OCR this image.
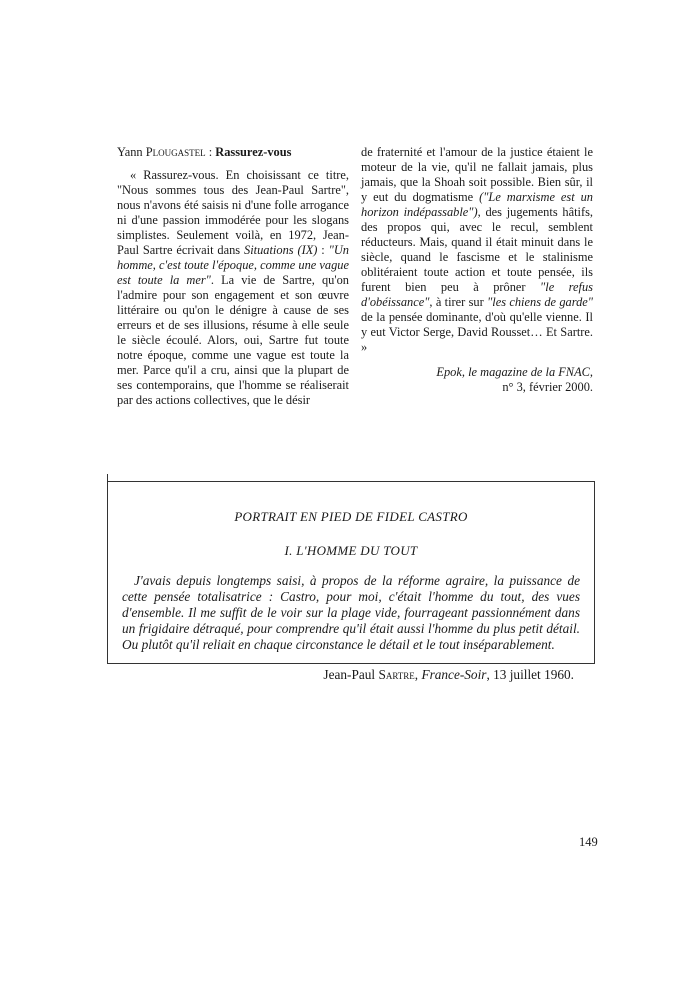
Yann Plougastel : Rassurez-vous

« Rassurez-vous. En choisissant ce titre, "Nous sommes tous des Jean-Paul Sartre", nous n'avons été saisis ni d'une folle arrogance ni d'une passion immodérée pour les slogans simplistes. Seulement voilà, en 1972, Jean-Paul Sartre écrivait dans Situations (IX) : "Un homme, c'est toute l'époque, comme une vague est toute la mer". La vie de Sartre, qu'on l'admire pour son engagement et son œuvre littéraire ou qu'on le dénigre à cause de ses erreurs et de ses illusions, résume à elle seule le siècle écoulé. Alors, oui, Sartre fut toute notre époque, comme une vague est toute la mer. Parce qu'il a cru, ainsi que la plupart de ses contemporains, que l'homme se réaliserait par des actions collectives, que le désir

de fraternité et l'amour de la justice étaient le moteur de la vie, qu'il ne fallait jamais, plus jamais, que la Shoah soit possible. Bien sûr, il y eut du dogmatisme ("Le marxisme est un horizon indépassable"), des jugements hâtifs, des propos qui, avec le recul, semblent réducteurs. Mais, quand il était minuit dans le siècle, quand le fascisme et le stalinisme oblitéraient toute action et toute pensée, ils furent bien peu à prôner "le refus d'obéissance", à tirer sur "les chiens de garde" de la pensée dominante, d'où qu'elle vienne. Il y eut Victor Serge, David Rousset… Et Sartre. »

Epok, le magazine de la FNAC,
n° 3, février 2000.

PORTRAIT EN PIED DE FIDEL CASTRO

I. L'HOMME DU TOUT

J'avais depuis longtemps saisi, à propos de la réforme agraire, la puissance de cette pensée totalisatrice : Castro, pour moi, c'était l'homme du tout, des vues d'ensemble. Il me suffit de le voir sur la plage vide, fourrageant passionnément dans un frigidaire détraqué, pour comprendre qu'il était aussi l'homme du plus petit détail. Ou plutôt qu'il reliait en chaque circonstance le détail et le tout inséparablement.

Jean-Paul Sartre, France-Soir, 13 juillet 1960.

149
